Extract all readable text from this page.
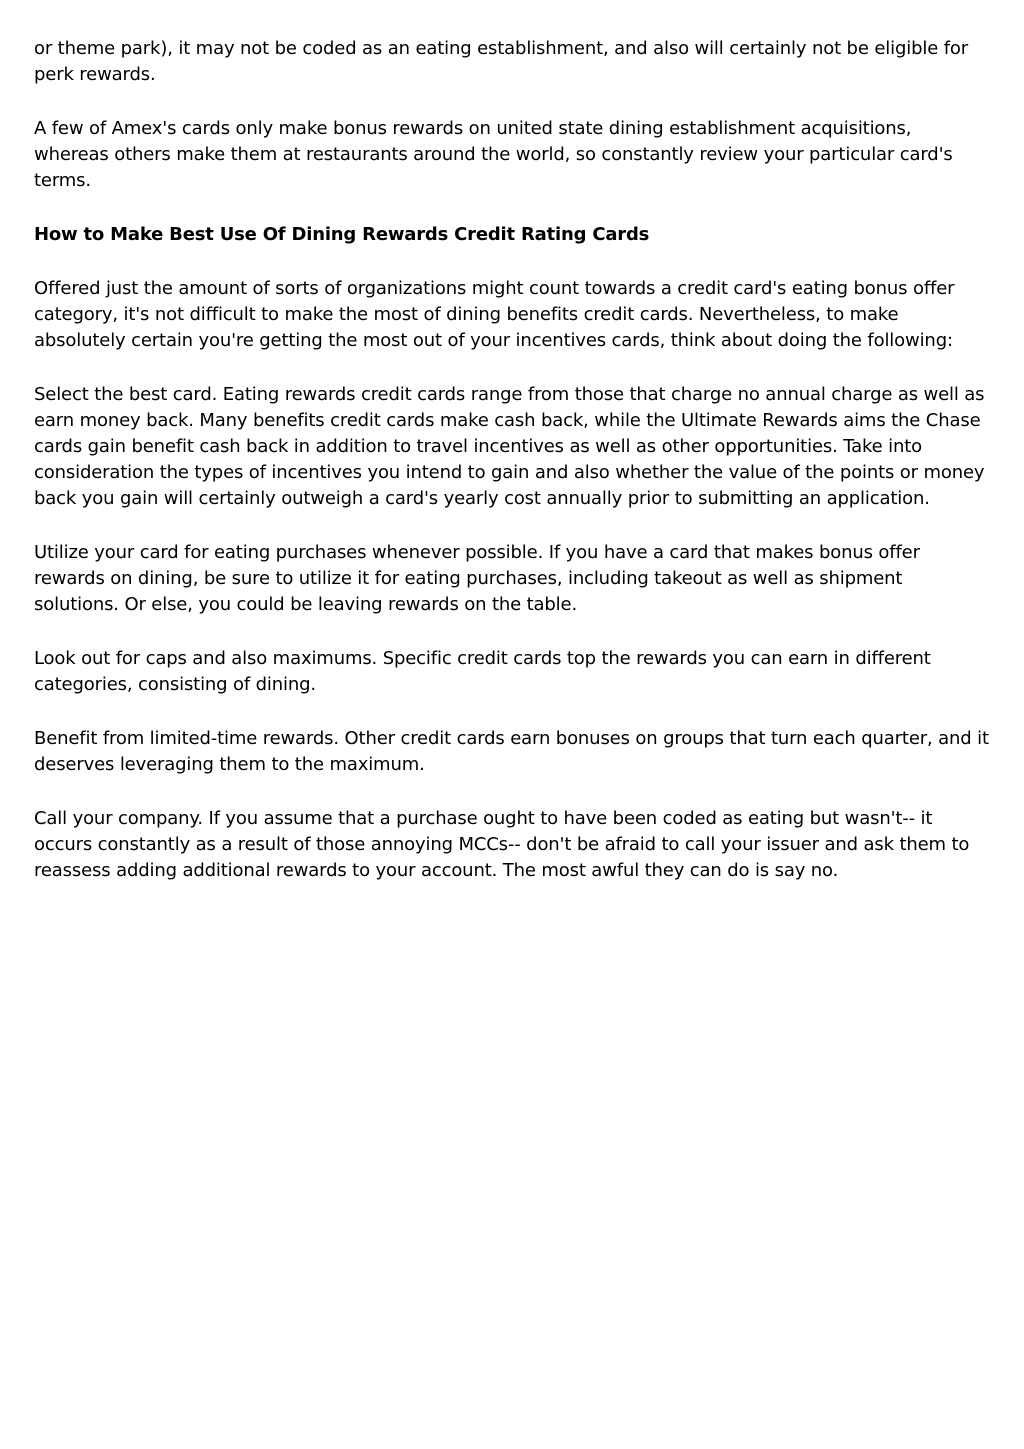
or theme park), it may not be coded as an eating establishment, and also will certainly not be eligible for perk rewards.

A few of Amex's cards only make bonus rewards on united state dining establishment acquisitions, whereas others make them at restaurants around the world, so constantly review your particular card's terms.

How to Make Best Use Of Dining Rewards Credit Rating Cards

Offered just the amount of sorts of organizations might count towards a credit card's eating bonus offer category, it's not difficult to make the most of dining benefits credit cards. Nevertheless, to make absolutely certain you're getting the most out of your incentives cards, think about doing the following:

Select the best card. Eating rewards credit cards range from those that charge no annual charge as well as earn money back. Many benefits credit cards make cash back, while the Ultimate Rewards aims the Chase cards gain benefit cash back in addition to travel incentives as well as other opportunities. Take into consideration the types of incentives you intend to gain and also whether the value of the points or money back you gain will certainly outweigh a card's yearly cost annually prior to submitting an application.

Utilize your card for eating purchases whenever possible. If you have a card that makes bonus offer rewards on dining, be sure to utilize it for eating purchases, including takeout as well as shipment solutions. Or else, you could be leaving rewards on the table.

Look out for caps and also maximums. Specific credit cards top the rewards you can earn in different categories, consisting of dining.

Benefit from limited-time rewards. Other credit cards earn bonuses on groups that turn each quarter, and it deserves leveraging them to the maximum.

Call your company. If you assume that a purchase ought to have been coded as eating but wasn't-- it occurs constantly as a result of those annoying MCCs-- don't be afraid to call your issuer and ask them to reassess adding additional rewards to your account. The most awful they can do is say no.
